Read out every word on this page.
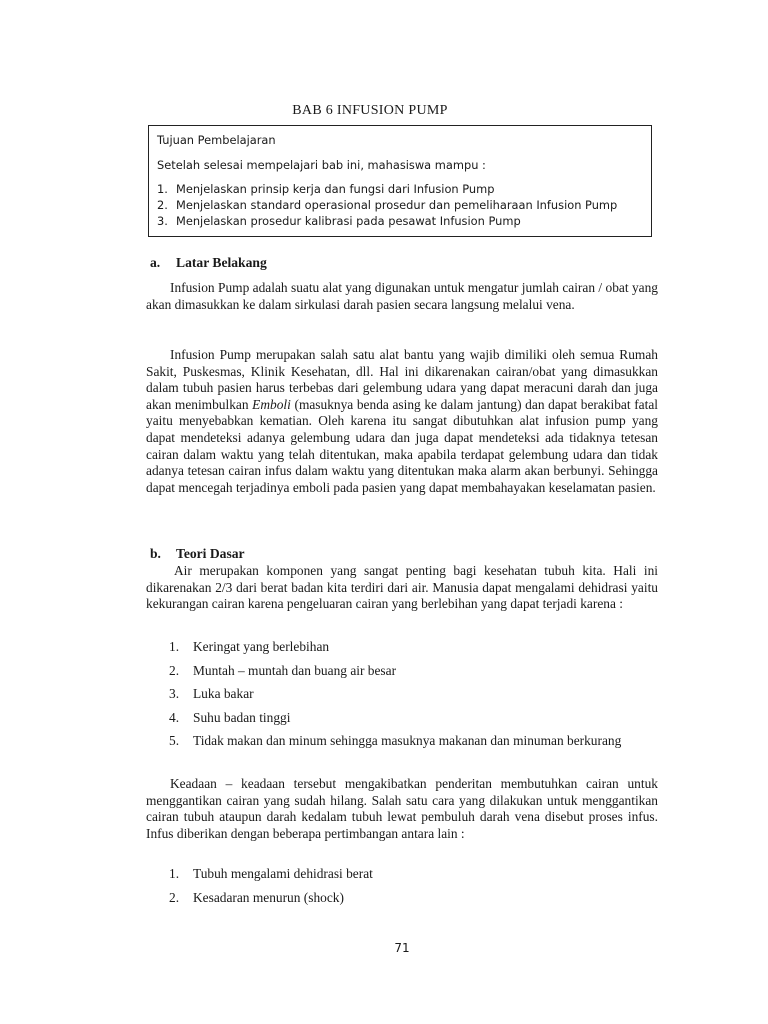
BAB 6 INFUSION PUMP

Tujuan Pembelajaran

Setelah selesai mempelajari bab ini, mahasiswa mampu :

1. Menjelaskan prinsip kerja dan fungsi dari Infusion Pump
2. Menjelaskan standard operasional prosedur dan pemeliharaan Infusion Pump
3. Menjelaskan prosedur kalibrasi pada pesawat Infusion Pump
a. Latar Belakang

Infusion Pump adalah suatu alat yang digunakan untuk mengatur jumlah cairan / obat yang akan dimasukkan ke dalam sirkulasi darah pasien secara langsung melalui vena.

Infusion Pump merupakan salah satu alat bantu yang wajib dimiliki oleh semua Rumah Sakit, Puskesmas, Klinik Kesehatan, dll. Hal ini dikarenakan cairan/obat yang dimasukkan dalam tubuh pasien harus terbebas dari gelembung udara yang dapat meracuni darah dan juga akan menimbulkan Emboli (masuknya benda asing ke dalam jantung) dan dapat berakibat fatal yaitu menyebabkan kematian. Oleh karena itu sangat dibutuhkan alat infusion pump yang dapat mendeteksi adanya gelembung udara dan juga dapat mendeteksi ada tidaknya tetesan cairan dalam waktu yang telah ditentukan, maka apabila terdapat gelembung udara dan tidak adanya tetesan cairan infus dalam waktu yang ditentukan maka alarm akan berbunyi. Sehingga dapat mencegah terjadinya emboli pada pasien yang dapat membahayakan keselamatan pasien.

b. Teori Dasar

Air merupakan komponen yang sangat penting bagi kesehatan tubuh kita. Hali ini dikarenakan 2/3 dari berat badan kita terdiri dari air. Manusia dapat mengalami dehidrasi yaitu kekurangan cairan karena pengeluaran cairan yang berlebihan yang dapat terjadi karena :

1.	Keringat yang berlebihan
2.	Muntah – muntah dan buang air besar
3.	Luka bakar
4.	Suhu badan tinggi
5.	Tidak makan dan minum sehingga masuknya makanan dan minuman berkurang

Keadaan – keadaan tersebut mengakibatkan penderitan membutuhkan cairan untuk menggantikan cairan yang sudah hilang. Salah satu cara yang dilakukan untuk menggantikan cairan tubuh ataupun darah kedalam tubuh lewat pembuluh darah vena disebut proses infus. Infus diberikan dengan beberapa pertimbangan antara lain :

1.	Tubuh mengalami dehidrasi berat
2.	Kesadaran menurun (shock)
71
